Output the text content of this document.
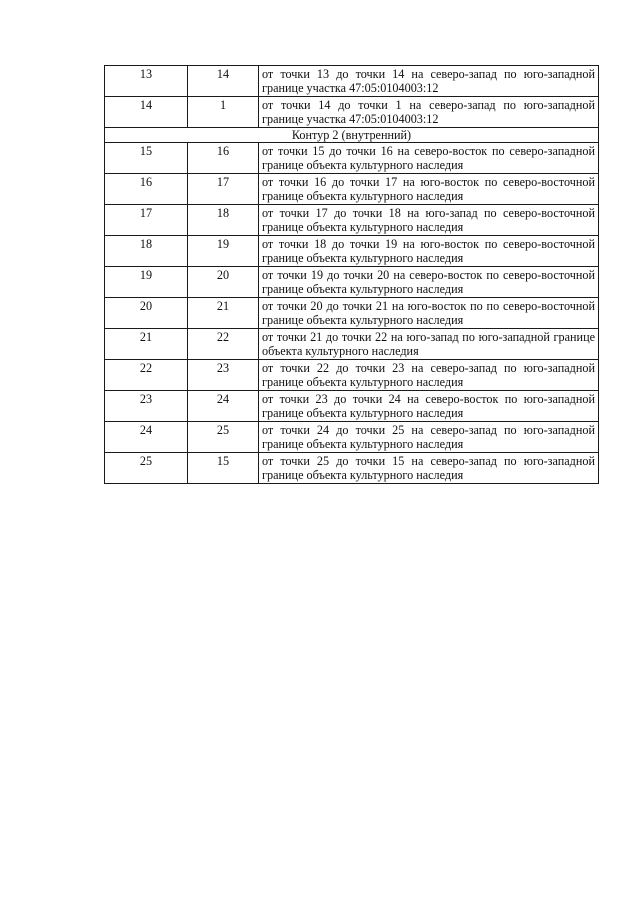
13	14	от точки 13 до точки 14 на северо-запад по юго-западной границе участка 47:05:0104003:12
14	1	от точки 14 до точки 1 на северо-запад по юго-западной границе участка 47:05:0104003:12
Контур 2 (внутренний)		
15	16	от точки 15 до точки 16 на северо-восток по северо-западной границе объекта культурного наследия
16	17	от точки 16 до точки 17 на юго-восток по северо-восточной границе объекта культурного наследия
17	18	от точки 17 до точки 18 на юго-запад по северо-восточной границе объекта культурного наследия
18	19	от точки 18 до точки 19 на юго-восток по северо-восточной границе объекта культурного наследия
19	20	от точки 19 до точки 20 на северо-восток по северо-восточной границе объекта культурного наследия
20	21	от точки 20 до точки 21 на юго-восток по по северо-восточной границе объекта культурного наследия
21	22	от точки 21 до точки 22 на юго-запад по юго-западной границе объекта культурного наследия
22	23	от точки 22 до точки 23 на северо-запад по юго-западной границе объекта культурного наследия
23	24	от точки 23 до точки 24 на северо-восток по юго-западной границе объекта культурного наследия
24	25	от точки 24 до точки 25 на северо-запад по юго-западной границе объекта культурного наследия
25	15	от точки 25 до точки 15 на северо-запад по юго-западной границе объекта культурного наследия
